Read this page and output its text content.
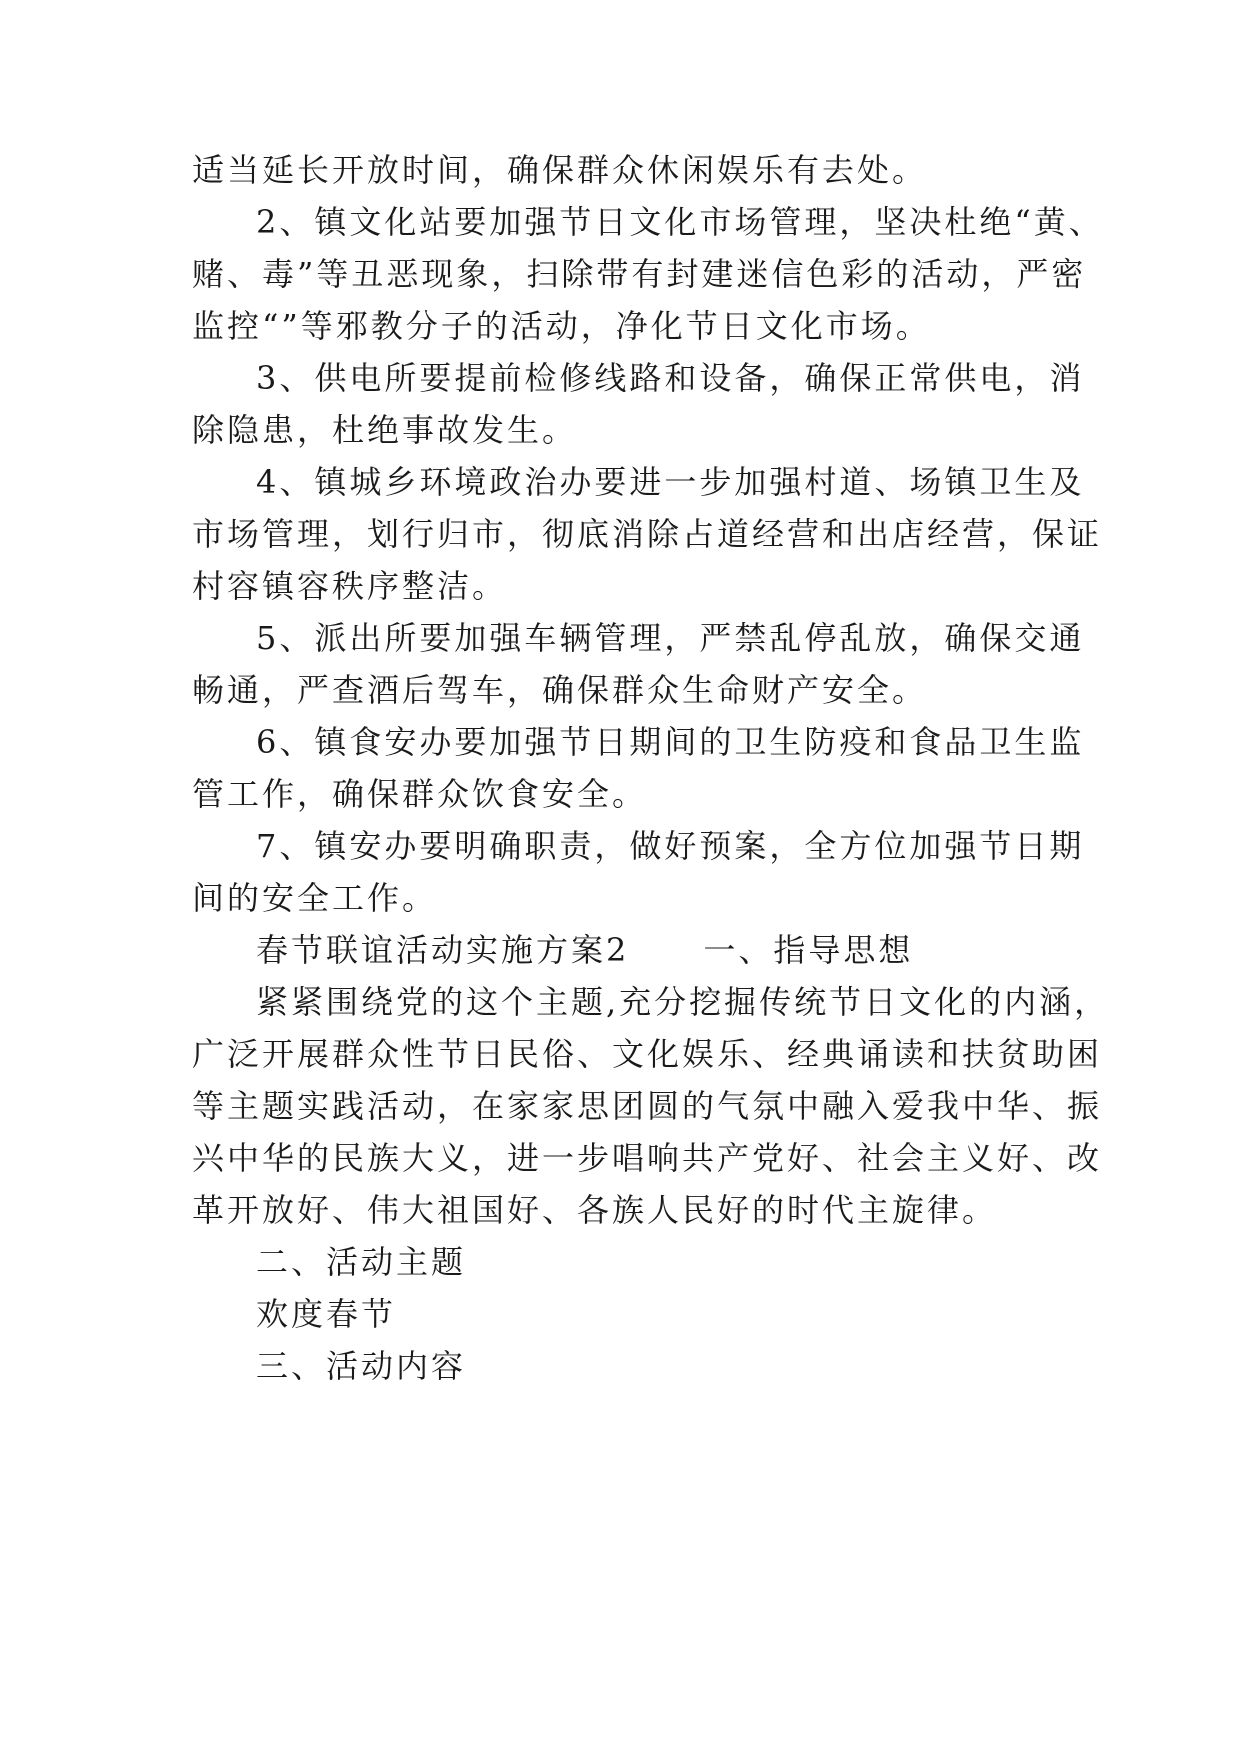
适当延长开放时间，确保群众休闲娱乐有去处。
2、镇文化站要加强节日文化市场管理，坚决杜绝“黄、
赌、毒”等丑恶现象，扫除带有封建迷信色彩的活动，严密
监控“”等邪教分子的活动，净化节日文化市场。
3、供电所要提前检修线路和设备，确保正常供电，消
除隐患，杜绝事故发生。
4、镇城乡环境政治办要进一步加强村道、场镇卫生及
市场管理，划行归市，彻底消除占道经营和出店经营，保证
村容镇容秩序整洁。
5、派出所要加强车辆管理，严禁乱停乱放，确保交通
畅通，严查酒后驾车，确保群众生命财产安全。
6、镇食安办要加强节日期间的卫生防疫和食品卫生监
管工作，确保群众饮食安全。
7、镇安办要明确职责，做好预案，全方位加强节日期
间的安全工作。
春节联谊活动实施方案2 一、指导思想
紧紧围绕党的这个主题,充分挖掘传统节日文化的内涵，
广泛开展群众性节日民俗、文化娱乐、经典诵读和扶贫助困
等主题实践活动，在家家思团圆的气氛中融入爱我中华、振
兴中华的民族大义，进一步唱响共产党好、社会主义好、改
革开放好、伟大祖国好、各族人民好的时代主旋律。
二、活动主题
欢度春节
三、活动内容
